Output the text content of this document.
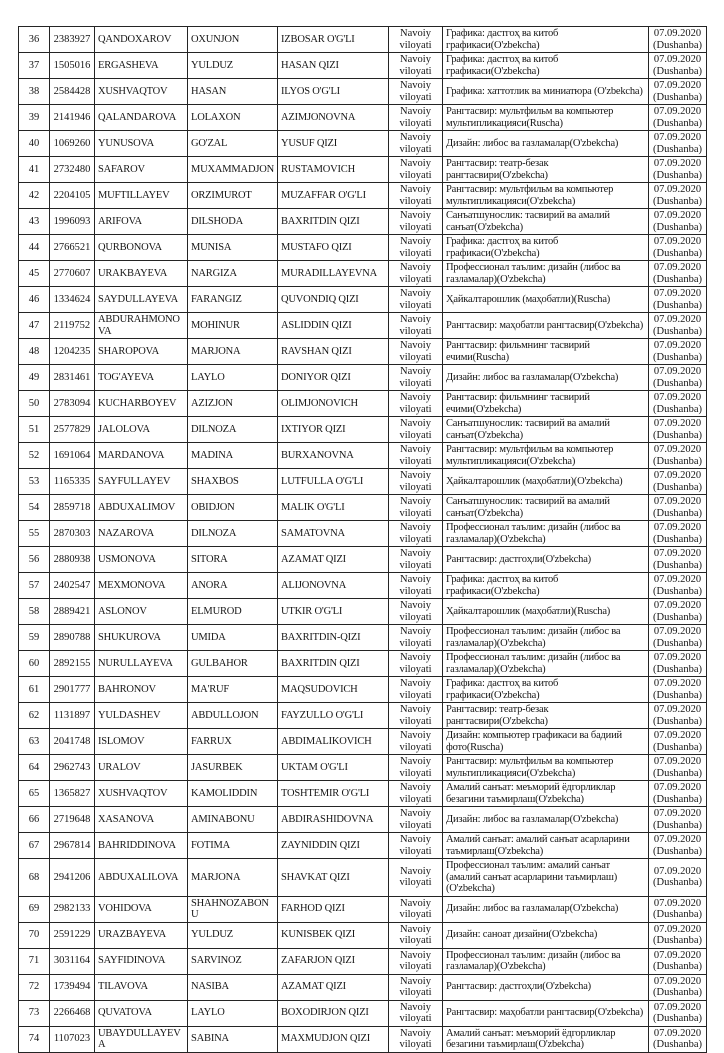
36	2383927	QANDOXAROV	OXUNJON	IZBOSAR O'G'LI	Navoiy viloyati	Графика: дастгоҳ ва китоб графикаси(O'zbekcha)	07.09.2020
(Dushanba)

37	1505016	ERGASHEVA	YULDUZ	HASAN QIZI	Navoiy viloyati	Графика: дастгоҳ ва китоб графикаси(O'zbekcha)	07.09.2020
(Dushanba)

38	2584428	XUSHVAQTOV	HASAN	ILYOS O'G'LI	Navoiy viloyati	Графика: хаттотлик ва миниатюра (O'zbekcha)	07.09.2020
(Dushanba)

39	2141946	QALANDAROVA	LOLAXON	AZIMJONOVNA	Navoiy viloyati	Рангтасвир: мультфильм ва компьютер мультипликацияси(Ruscha)	07.09.2020
(Dushanba)

40	1069260	YUNUSOVA	GO'ZAL	YUSUF QIZI	Navoiy viloyati	Дизайн: либос ва газламалар(O'zbekcha)	07.09.2020
(Dushanba)

41	2732480	SAFAROV	MUXAMMADJON	RUSTAMOVICH	Navoiy viloyati	Рангтасвир: театр-безак рангтасвири(O'zbekcha)	07.09.2020
(Dushanba)

42	2204105	MUFTILLAYEV	ORZIMUROT	MUZAFFAR O'G'LI	Navoiy viloyati	Рангтасвир: мультфильм ва компьютер мультипликацияси(O'zbekcha)	07.09.2020
(Dushanba)

43	1996093	ARIFOVA	DILSHODA	BAXRITDIN QIZI	Navoiy viloyati	Санъатшунослик: тасвирий ва амалий санъат(O'zbekcha)	07.09.2020
(Dushanba)

44	2766521	QURBONOVA	MUNISA	MUSTAFO QIZI	Navoiy viloyati	Графика: дастгоҳ ва китоб графикаси(O'zbekcha)	07.09.2020
(Dushanba)

45	2770607	URAKBAYEVA	NARGIZA	MURADILLAYEVNA	Navoiy viloyati	Профессионал таълим: дизайн (либос ва газламалар)(O'zbekcha)	07.09.2020
(Dushanba)

46	1334624	SAYDULLAYEVA	FARANGIZ	QUVONDIQ QIZI	Navoiy viloyati	Ҳайкалтарошлик (маҳобатли)(Ruscha)	07.09.2020
(Dushanba)

47	2119752	ABDURAHMONOVA	MOHINUR	ASLIDDIN QIZI	Navoiy viloyati	Рангтасвир: маҳобатли рангтасвир(O'zbekcha)	07.09.2020
(Dushanba)

48	1204235	SHAROPOVA	MARJONA	RAVSHAN QIZI	Navoiy viloyati	Рангтасвир: фильмнинг тасвирий ечими(Ruscha)	07.09.2020
(Dushanba)

49	2831461	TOG'AYEVA	LAYLO	DONIYOR QIZI	Navoiy viloyati	Дизайн: либос ва газламалар(O'zbekcha)	07.09.2020
(Dushanba)

50	2783094	KUCHARBOYEV	AZIZJON	OLIMJONOVICH	Navoiy viloyati	Рангтасвир: фильмнинг тасвирий ечими(O'zbekcha)	07.09.2020
(Dushanba)

51	2577829	JALOLOVA	DILNOZA	IXTIYOR QIZI	Navoiy viloyati	Санъатшунослик: тасвирий ва амалий санъат(O'zbekcha)	07.09.2020
(Dushanba)

52	1691064	MARDANOVA	MADINA	BURXANOVNA	Navoiy viloyati	Рангтасвир: мультфильм ва компьютер мультипликацияси(O'zbekcha)	07.09.2020
(Dushanba)

53	1165335	SAYFULLAYEV	SHAXBOS	LUTFULLA O'G'LI	Navoiy viloyati	Ҳайкалтарошлик (маҳобатли)(O'zbekcha)	07.09.2020
(Dushanba)

54	2859718	ABDUXALIMOV	OBIDJON	MALIK O'G'LI	Navoiy viloyati	Санъатшунослик: тасвирий ва амалий санъат(O'zbekcha)	07.09.2020
(Dushanba)

55	2870303	NAZAROVA	DILNOZA	SAMATOVNA	Navoiy viloyati	Профессионал таълим: дизайн (либос ва газламалар)(O'zbekcha)	07.09.2020
(Dushanba)

56	2880938	USMONOVA	SITORA	AZAMAT QIZI	Navoiy viloyati	Рангтасвир: дастгоҳли(O'zbekcha)	07.09.2020
(Dushanba)

57	2402547	MEXMONOVA	ANORA	ALIJONOVNA	Navoiy viloyati	Графика: дастгоҳ ва китоб графикаси(O'zbekcha)	07.09.2020
(Dushanba)

58	2889421	ASLONOV	ELMUROD	UTKIR O'G'LI	Navoiy viloyati	Ҳайкалтарошлик (маҳобатли)(Ruscha)	07.09.2020
(Dushanba)

59	2890788	SHUKUROVA	UMIDA	BAXRITDIN-QIZI	Navoiy viloyati	Профессионал таълим: дизайн (либос ва газламалар)(O'zbekcha)	07.09.2020
(Dushanba)

60	2892155	NURULLAYEVA	GULBAHOR	BAXRITDIN QIZI	Navoiy viloyati	Профессионал таълим: дизайн (либос ва газламалар)(O'zbekcha)	07.09.2020
(Dushanba)

61	2901777	BAHRONOV	MA'RUF	MAQSUDOVICH	Navoiy viloyati	Графика: дастгоҳ ва китоб графикаси(O'zbekcha)	07.09.2020
(Dushanba)

62	1131897	YULDASHEV	ABDULLOJON	FAYZULLO O'G'LI	Navoiy viloyati	Рангтасвир: театр-безак рангтасвири(O'zbekcha)	07.09.2020
(Dushanba)

63	2041748	ISLOMOV	FARRUX	ABDIMALIKOVICH	Navoiy viloyati	Дизайн: компьютер графикаси ва бадиий фото(Ruscha)	07.09.2020
(Dushanba)

64	2962743	URALOV	JASURBEK	UKTAM O'G'LI	Navoiy viloyati	Рангтасвир: мультфильм ва компьютер мультипликацияси(O'zbekcha)	07.09.2020
(Dushanba)

65	1365827	XUSHVAQTOV	KAMOLIDDIN	TOSHTEMIR O'G'LI	Navoiy viloyati	Амалий санъат: меъморий ёдгорликлар безагини таъмирлаш(O'zbekcha)	07.09.2020
(Dushanba)

66	2719648	XASANOVA	AMINABONU	ABDIRASHIDOVNA	Navoiy viloyati	Дизайн: либос ва газламалар(O'zbekcha)	07.09.2020
(Dushanba)

67	2967814	BAHRIDDINOVA	FOTIMA	ZAYNIDDIN QIZI	Navoiy viloyati	Амалий санъат: амалий санъат асарларини таъмирлаш(O'zbekcha)	07.09.2020
(Dushanba)

68	2941206	ABDUXALILOVA	MARJONA	SHAVKAT QIZI	Navoiy viloyati	Профессионал таълим: амалий санъат (амалий санъат асарларини таъмирлаш)(O'zbekcha)	07.09.2020
(Dushanba)

69	2982133	VOHIDOVA	SHAHNOZABONU	FARHOD QIZI	Navoiy viloyati	Дизайн: либос ва газламалар(O'zbekcha)	07.09.2020
(Dushanba)

70	2591229	URAZBAYEVA	YULDUZ	KUNISBEK QIZI	Navoiy viloyati	Дизайн: саноат дизайни(O'zbekcha)	07.09.2020
(Dushanba)

71	3031164	SAYFIDINOVA	SARVINOZ	ZAFARJON QIZI	Navoiy viloyati	Профессионал таълим: дизайн (либос ва газламалар)(O'zbekcha)	07.09.2020
(Dushanba)

72	1739494	TILAVOVA	NASIBA	AZAMAT QIZI	Navoiy viloyati	Рангтасвир: дастгоҳли(O'zbekcha)	07.09.2020
(Dushanba)

73	2266468	QUVATOVA	LAYLO	BOXODIRJON QIZI	Navoiy viloyati	Рангтасвир: маҳобатли рангтасвир(O'zbekcha)	07.09.2020
(Dushanba)

74	1107023	UBAYDULLAYEVA	SABINA	MAXMUDJON QIZI	Navoiy viloyati	Амалий санъат: меъморий ёдгорликлар безагини таъмирлаш(O'zbekcha)	07.09.2020
(Dushanba)
